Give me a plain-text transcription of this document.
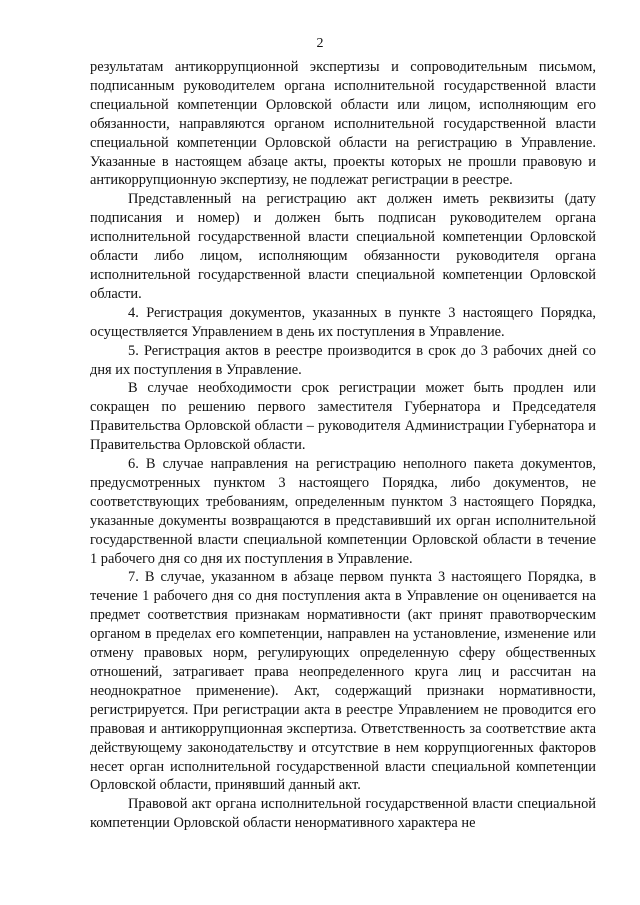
2

результатам антикоррупционной экспертизы и сопроводительным письмом, подписанным руководителем органа исполнительной государственной власти специальной компетенции Орловской области или лицом, исполняющим его обязанности, направляются органом исполнительной государственной власти специальной компетенции Орловской области на регистрацию в Управление. Указанные в настоящем абзаце акты, проекты которых не прошли правовую и антикоррупционную экспертизу, не подлежат регистрации в реестре.

Представленный на регистрацию акт должен иметь реквизиты (дату подписания и номер) и должен быть подписан руководителем органа исполнительной государственной власти специальной компетенции Орловской области либо лицом, исполняющим обязанности руководителя органа исполнительной государственной власти специальной компетенции Орловской области.

4. Регистрация документов, указанных в пункте 3 настоящего Порядка, осуществляется Управлением в день их поступления в Управление.

5. Регистрация актов в реестре производится в срок до 3 рабочих дней со дня их поступления в Управление.

В случае необходимости срок регистрации может быть продлен или сокращен по решению первого заместителя Губернатора и Председателя Правительства Орловской области – руководителя Администрации Губернатора и Правительства Орловской области.

6. В случае направления на регистрацию неполного пакета документов, предусмотренных пунктом 3 настоящего Порядка, либо документов, не соответствующих требованиям, определенным пунктом 3 настоящего Порядка, указанные документы возвращаются в представивший их орган исполнительной государственной власти специальной компетенции Орловской области в течение 1 рабочего дня со дня их поступления в Управление.

7. В случае, указанном в абзаце первом пункта 3 настоящего Порядка, в течение 1 рабочего дня со дня поступления акта в Управление он оценивается на предмет соответствия признакам нормативности (акт принят правотворческим органом в пределах его компетенции, направлен на установление, изменение или отмену правовых норм, регулирующих определенную сферу общественных отношений, затрагивает права неопределенного круга лиц и рассчитан на неоднократное применение). Акт, содержащий признаки нормативности, регистрируется. При регистрации акта в реестре Управлением не проводится его правовая и антикоррупционная экспертиза. Ответственность за соответствие акта действующему законодательству и отсутствие в нем коррупциогенных факторов несет орган исполнительной государственной власти специальной компетенции Орловской области, принявший данный акт.

Правовой акт органа исполнительной государственной власти специальной компетенции Орловской области ненормативного характера не
